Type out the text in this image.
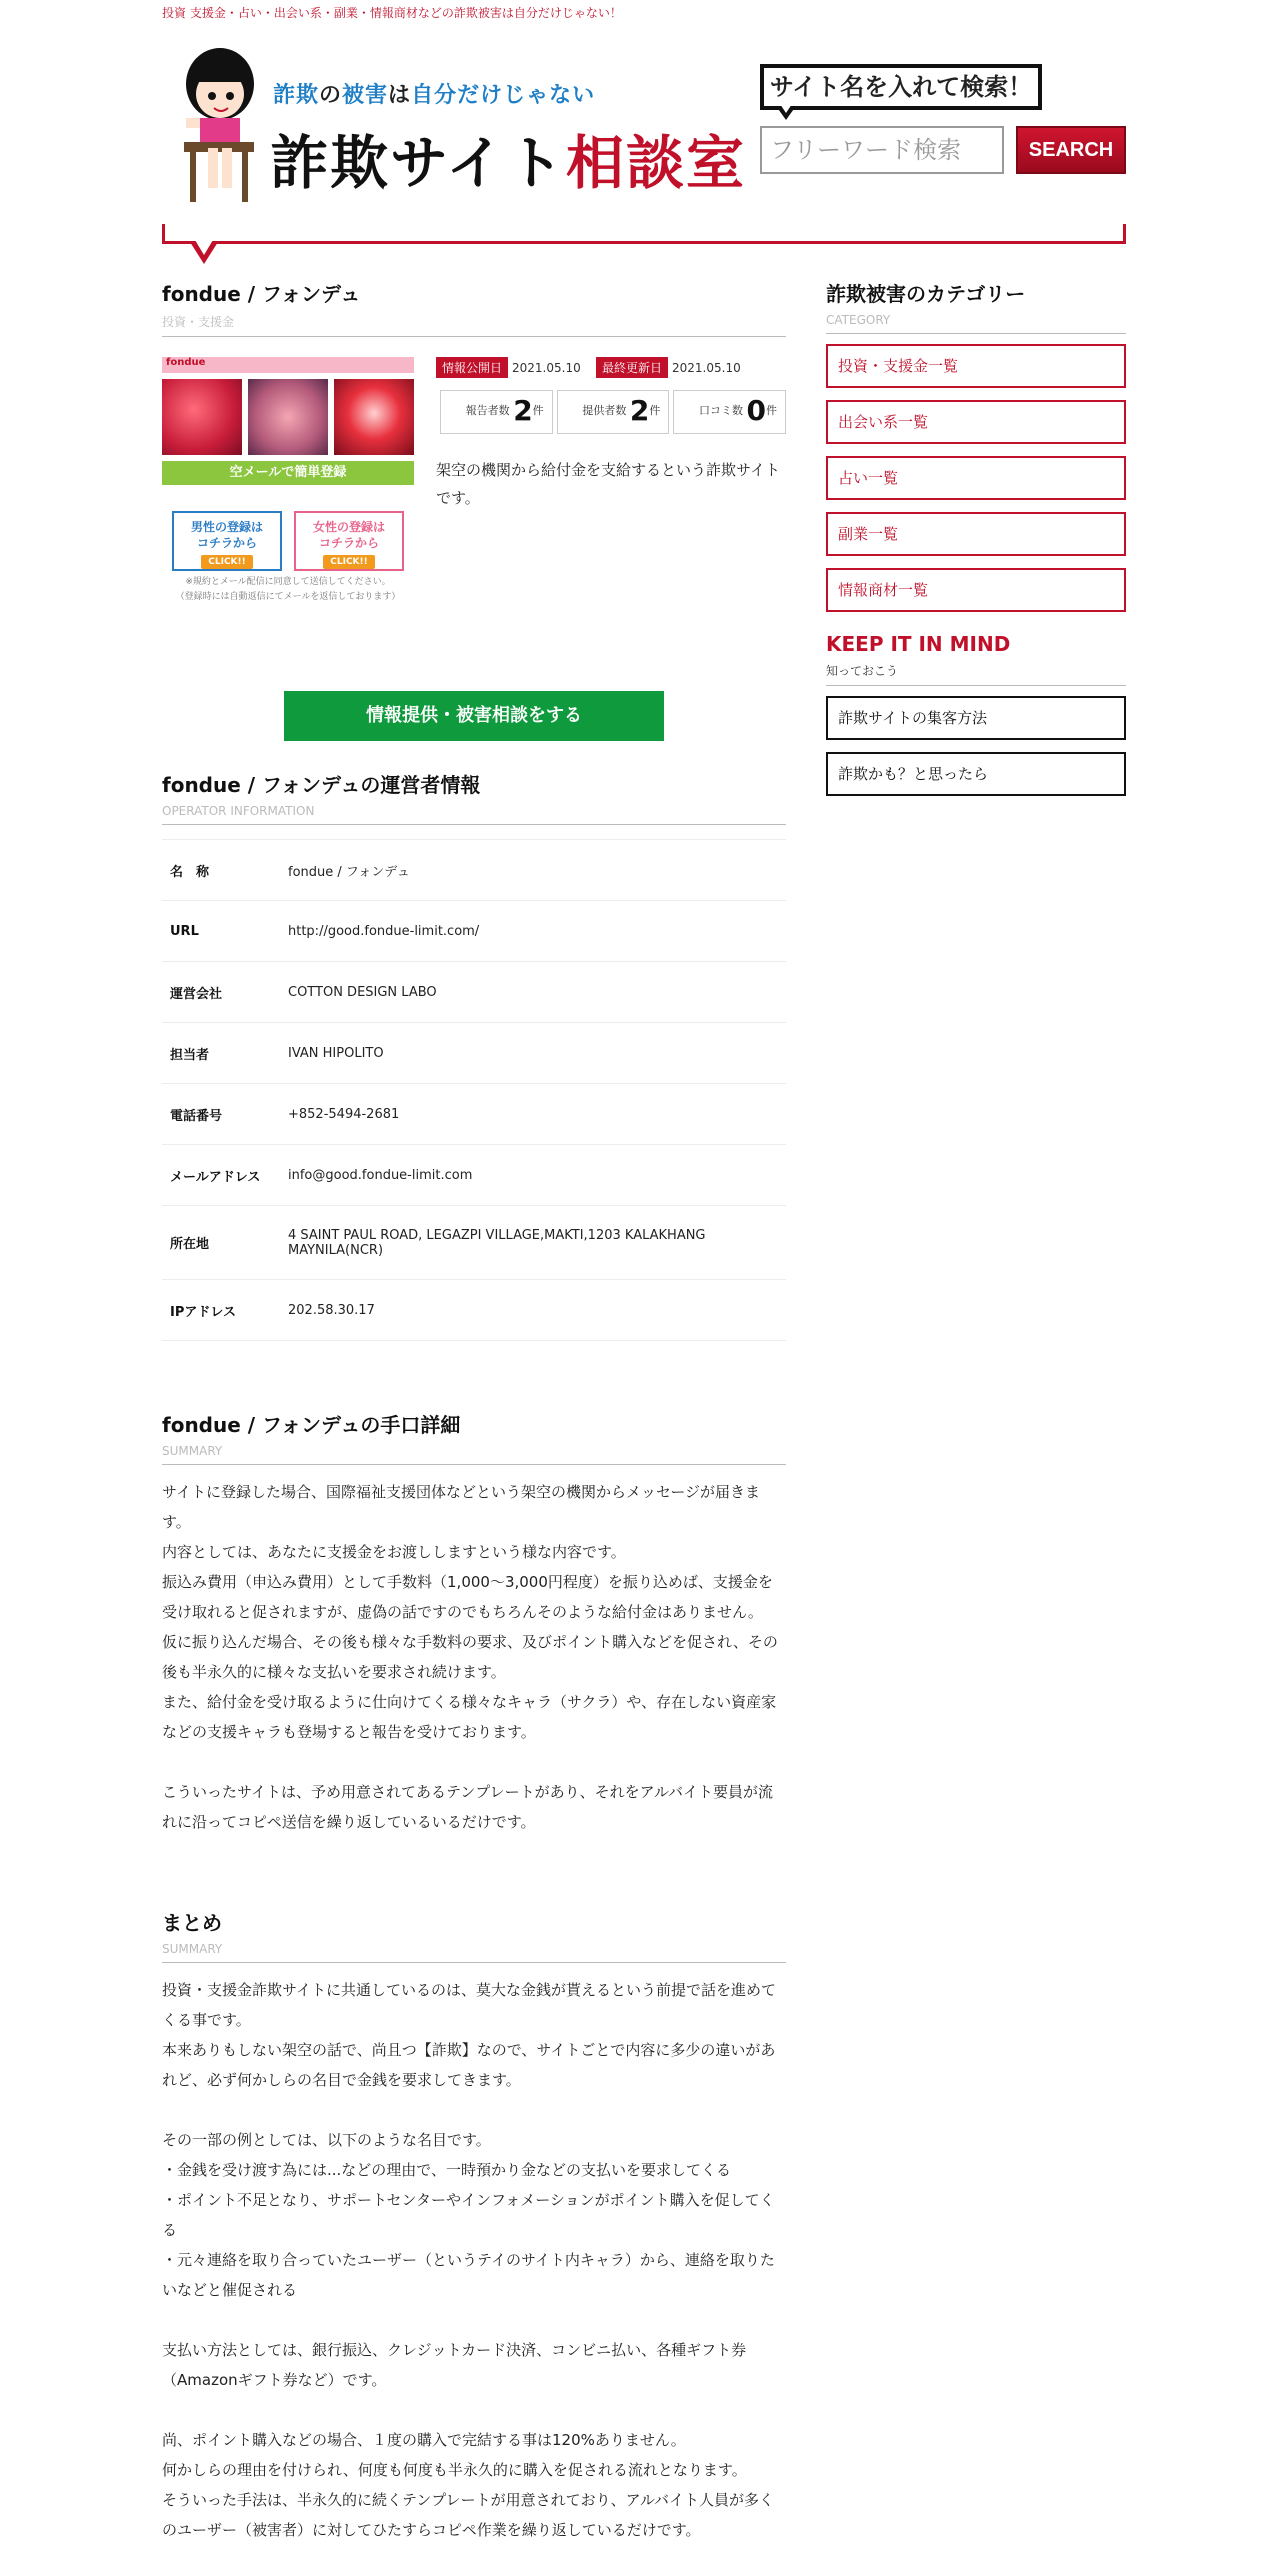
投資 支援金・占い・出会い系・副業・情報商材などの詐欺被害は自分だけじゃない！
詐欺の被害は自分だけじゃない
詐欺サイト相談室
サイト名を入れて検索！
フリーワード検索
SEARCH
fondue / フォンデュ
投資・支援金
fondue
空メールで簡単登録
男性の登録は
コチラから
CLICK!!
女性の登録は
コチラから
CLICK!!
※規約とメール配信に同意して送信してください。
（登録時には自動返信にてメールを返信しております）
情報公開日 2021.05.10 最終更新日 2021.05.10
報告者数 2件	提供者数 2件	口コミ数 0件
架空の機関から給付金を支給するという詐欺サイトです。
情報提供・被害相談をする
fondue / フォンデュの運営者情報
OPERATOR INFORMATION
名　称	fondue / フォンデュ
URL	http://good.fondue-limit.com/
運営会社	COTTON DESIGN LABO
担当者	IVAN HIPOLITO
電話番号	+852-5494-2681
メールアドレス	info@good.fondue-limit.com
所在地	4 SAINT PAUL ROAD, LEGAZPI VILLAGE,MAKTI,1203 KALAKHANG MAYNILA(NCR)
IPアドレス	202.58.30.17
fondue / フォンデュの手口詳細
SUMMARY

サイトに登録した場合、国際福祉支援団体などという架空の機関からメッセージが届きます。

内容としては、あなたに支援金をお渡ししますという様な内容です。

振込み費用（申込み費用）として手数料（1,000〜3,000円程度）を振り込めば、支援金を受け取れると促されますが、虚偽の話ですのでもちろんそのような給付金はありません。

仮に振り込んだ場合、その後も様々な手数料の要求、及びポイント購入などを促され、その後も半永久的に様々な支払いを要求され続けます。

また、給付金を受け取るように仕向けてくる様々なキャラ（サクラ）や、存在しない資産家などの支援キャラも登場すると報告を受けております。

こういったサイトは、予め用意されてあるテンプレートがあり、それをアルバイト要員が流れに沿ってコピペ送信を繰り返しているいるだけです。

まとめ
SUMMARY

投資・支援金詐欺サイトに共通しているのは、莫大な金銭が貰えるという前提で話を進めてくる事です。

本来ありもしない架空の話で、尚且つ【詐欺】なので、サイトごとで内容に多少の違いがあれど、必ず何かしらの名目で金銭を要求してきます。

その一部の例としては、以下のような名目です。

・金銭を受け渡す為には...などの理由で、一時預かり金などの支払いを要求してくる

・ポイント不足となり、サポートセンターやインフォメーションがポイント購入を促してくる

・元々連絡を取り合っていたユーザー（というテイのサイト内キャラ）から、連絡を取りたいなどと催促される

支払い方法としては、銀行振込、クレジットカード決済、コンビニ払い、各種ギフト券（Amazonギフト券など）です。

尚、ポイント購入などの場合、１度の購入で完結する事は120%ありません。

何かしらの理由を付けられ、何度も何度も半永久的に購入を促される流れとなります。

そういった手法は、半永久的に続くテンプレートが用意されており、アルバイト人員が多くのユーザー（被害者）に対してひたすらコピペ作業を繰り返しているだけです。

詐欺被害のカテゴリー
CATEGORY
投資・支援金一覧
出会い系一覧
占い一覧
副業一覧
情報商材一覧
KEEP IT IN MIND
知っておこう
詐欺サイトの集客方法
詐欺かも？と思ったら
